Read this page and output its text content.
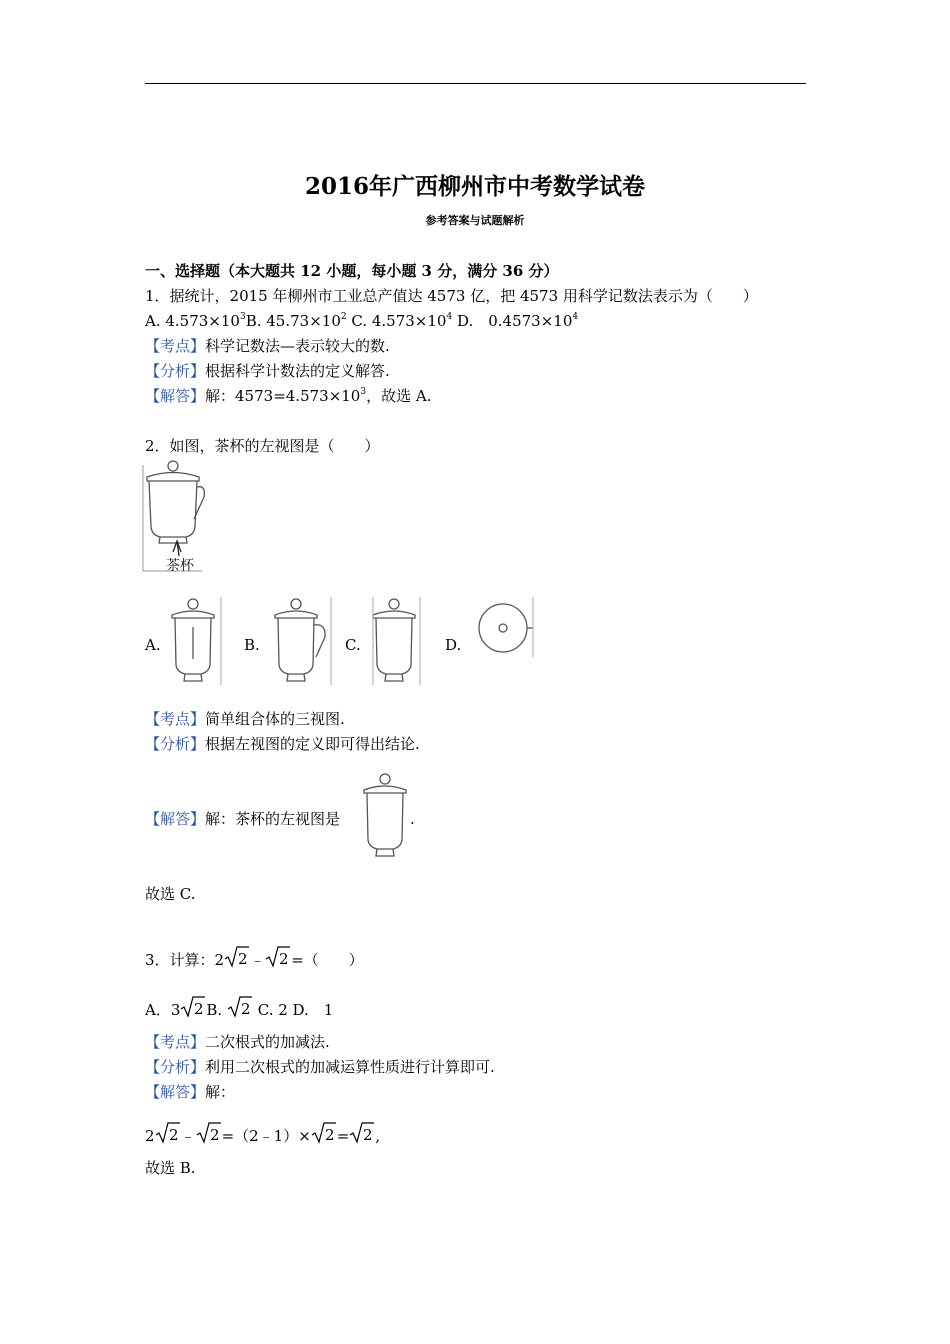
2016年广西柳州市中考数学试卷
参考答案与试题解析
一、选择题（本大题共 12 小题，每小题 3 分，满分 36 分）
1．据统计，2015 年柳州市工业总产值达 4573 亿，把 4573 用科学记数法表示为（　　）
A. $4.573\times 10^3B$. $45.73\times 10^2$ C. $4.573\times 10^4$ D.　$0.4573\times 10^4$
【考点】科学记数法—表示较大的数.
【分析】根据科学计数法的定义解答.
【解答】解：$4573=4.573\times 10^3$，故选 A.
2．如图，茶杯的左视图是（　　）
茶杯
A.	B.	C.	D.
【考点】简单组合体的三视图.
【分析】根据左视图的定义即可得出结论.
【解答】解：茶杯的左视图是	.
故选 C.
3．计算：2 2 ﹣ 2 =（　　）
A．3 2 B. 2 C. 2 D.　1
【考点】二次根式的加减法.
【分析】利用二次根式的加减运算性质进行计算即可.
【解答】解：
2 2 ﹣ 2 =（2﹣1）× 2 = 2 ,
故选 B.
